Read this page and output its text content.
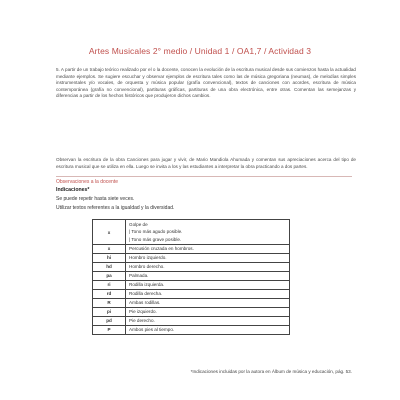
Artes Musicales 2° medio / Unidad 1 / OA1,7 / Actividad 3

5. A partir de un trabajo teórico realizado por el o la docente, conocen la evolución de la escritura musical desde sus comienzos hasta la actualidad mediante ejemplos. Se sugiere escuchar y observar ejemplos de escritura tales como las de música gregoriana (neumas), de melodías simples instrumentales y/o vocales, de orquesta y música popular (grafía convencional), textos de canciones con acordes, escritura de música contemporánea (grafía no convencional), partituras gráficas, partituras de una obra electrónica, entre otras. Comentan las semejanzas y diferencias a partir de los hechos históricos que produjeron dichos cambios.

Observan la escritura de la obra Canciones para jugar y vivir, de Mario Mandiola Ahumada y comentan sus apreciaciones acerca del tipo de escritura musical que se utiliza en ella. Luego se invita a los y las estudiantes a interpretar la obra practicando a dos partes.

Observaciones a la docente
Indicaciones*
Se puede repetir hasta siete veces.
Utilizar textos referentes a la igualdad y la diversidad.
x	Golpe de
| Tono más agudo posible.
| Tono más grave posible.

x	Percusión cruzada en hombros.

hi	Hombro izquierdo.

hd	Hombro derecho.

pa	Palmada.

ri	Rodilla izquierda.

rd	Rodilla derecha.

R	Ambas rodillas.

pi	Pie izquierdo.

pd	Pie derecho.

P	Ambos pies al tiempo.
*Indicaciones incluidas por la autora en Álbum de música y educación, pág. 53.
